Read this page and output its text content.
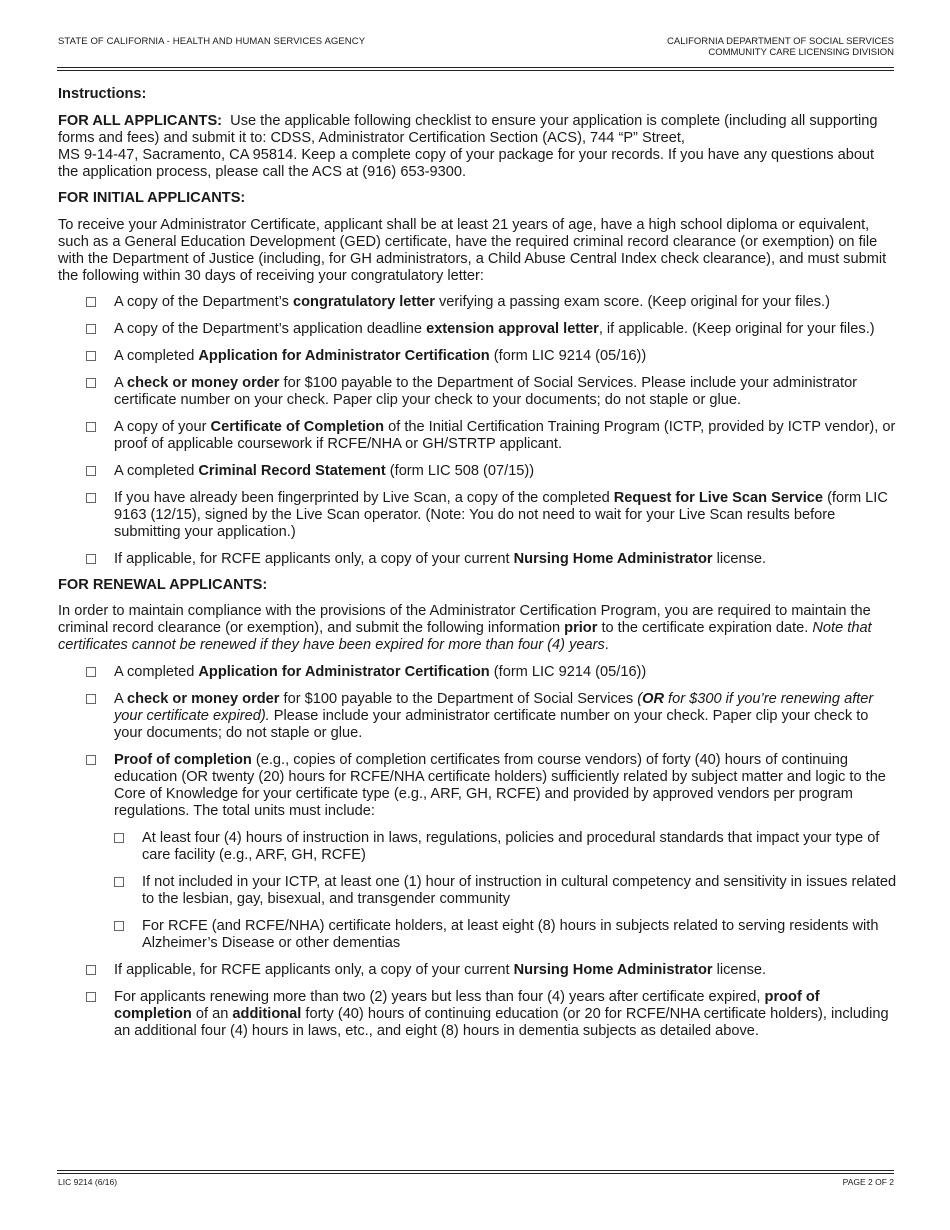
STATE OF CALIFORNIA - HEALTH AND HUMAN SERVICES AGENCY	CALIFORNIA DEPARTMENT OF SOCIAL SERVICES
COMMUNITY CARE LICENSING DIVISION

Instructions:

FOR ALL APPLICANTS: Use the applicable following checklist to ensure your application is complete (including all supporting forms and fees) and submit it to: CDSS, Administrator Certification Section (ACS), 744 “P” Street,
MS 9-14-47, Sacramento, CA 95814. Keep a complete copy of your package for your records. If you have any questions about the application process, please call the ACS at (916) 653-9300.

FOR INITIAL APPLICANTS:

To receive your Administrator Certificate, applicant shall be at least 21 years of age, have a high school diploma or equivalent, such as a General Education Development (GED) certificate, have the required criminal record clearance (or exemption) on file with the Department of Justice (including, for GH administrators, a Child Abuse Central Index check clearance), and must submit the following within 30 days of receiving your congratulatory letter:

A copy of the Department’s congratulatory letter verifying a passing exam score. (Keep original for your files.)
A copy of the Department’s application deadline extension approval letter, if applicable. (Keep original for your files.)
A completed Application for Administrator Certification (form LIC 9214 (05/16))
A check or money order for $100 payable to the Department of Social Services. Please include your administrator certificate number on your check. Paper clip your check to your documents; do not staple or glue.
A copy of your Certificate of Completion of the Initial Certification Training Program (ICTP, provided by ICTP vendor), or proof of applicable coursework if RCFE/NHA or GH/STRTP applicant.
A completed Criminal Record Statement (form LIC 508 (07/15))
If you have already been fingerprinted by Live Scan, a copy of the completed Request for Live Scan Service (form LIC 9163 (12/15), signed by the Live Scan operator. (Note: You do not need to wait for your Live Scan results before submitting your application.)
If applicable, for RCFE applicants only, a copy of your current Nursing Home Administrator license.

FOR RENEWAL APPLICANTS:

In order to maintain compliance with the provisions of the Administrator Certification Program, you are required to maintain the criminal record clearance (or exemption), and submit the following information prior to the certificate expiration date. Note that certificates cannot be renewed if they have been expired for more than four (4) years.

A completed Application for Administrator Certification (form LIC 9214 (05/16))
A check or money order for $100 payable to the Department of Social Services (OR for $300 if you’re renewing after your certificate expired). Please include your administrator certificate number on your check. Paper clip your check to your documents; do not staple or glue.
Proof of completion (e.g., copies of completion certificates from course vendors) of forty (40) hours of continuing education (OR twenty (20) hours for RCFE/NHA certificate holders) sufficiently related by subject matter and logic to the Core of Knowledge for your certificate type (e.g., ARF, GH, RCFE) and provided by approved vendors per program regulations. The total units must include:
At least four (4) hours of instruction in laws, regulations, policies and procedural standards that impact your type of care facility (e.g., ARF, GH, RCFE)
If not included in your ICTP, at least one (1) hour of instruction in cultural competency and sensitivity in issues related to the lesbian, gay, bisexual, and transgender community
For RCFE (and RCFE/NHA) certificate holders, at least eight (8) hours in subjects related to serving residents with Alzheimer’s Disease or other dementias
If applicable, for RCFE applicants only, a copy of your current Nursing Home Administrator license.
For applicants renewing more than two (2) years but less than four (4) years after certificate expired, proof of completion of an additional forty (40) hours of continuing education (or 20 for RCFE/NHA certificate holders), including an additional four (4) hours in laws, etc., and eight (8) hours in dementia subjects as detailed above.
LIC 9214 (6/16)	PAGE 2 OF 2
